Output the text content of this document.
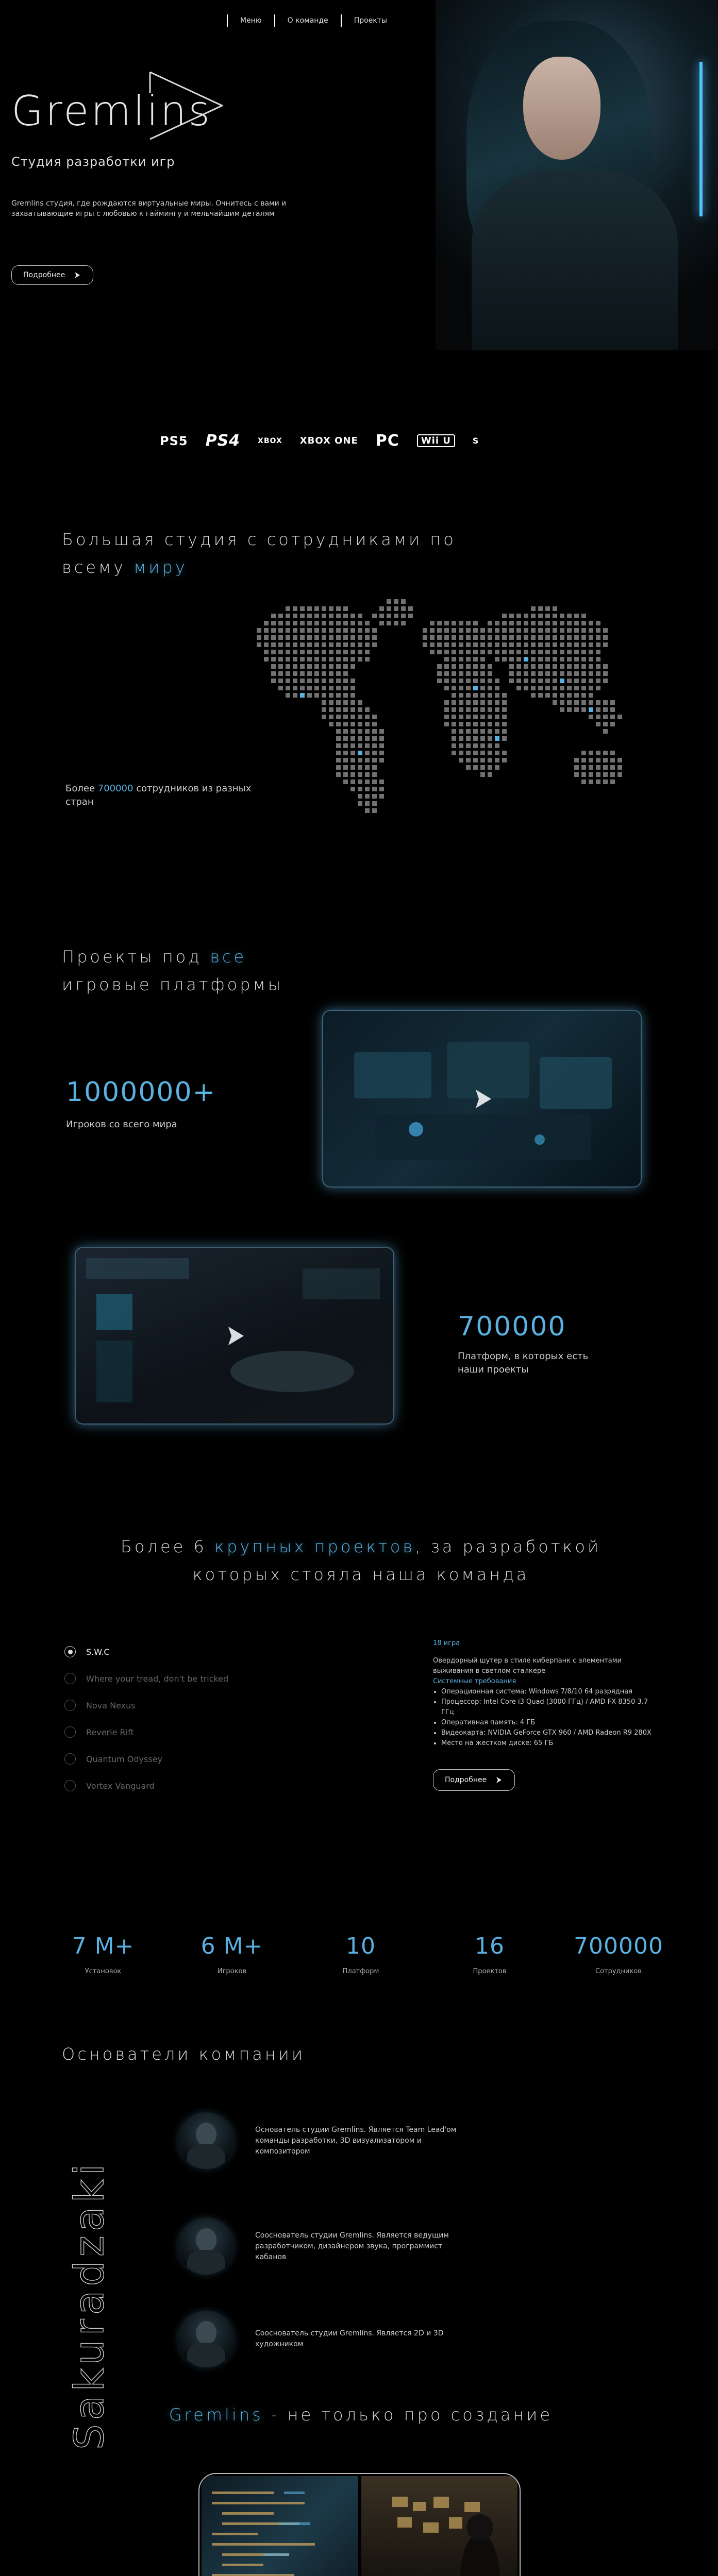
Меню	О команде	Проекты
Gremlins
Студия разработки игр
Gremlins студия, где рождаются виртуальные миры. Очнитесь с вами и захватывающие игры с любовью к гаймингу и мельчайшим деталям
Подробнее
PS5 PS4 XBOX XBOX ONE PC	Wii U	S
Большая студия с сотрудниками по
всему миру
Более 700000 сотрудников из разных стран
Проекты под все
игровые платформы
1000000+
Игроков со всего мира
700000
Платформ, в которых есть наши проекты
Более 6 крупных проектов, за разработкой которых стояла наша команда
S.W.C
Where your tread, don't be tricked
Nova Nexus
Reverie Rift
Quantum Odyssey
Vortex Vanguard
18 игра
Овердорный шутер в стиле киберпанк с элементами выживания в светлом сталкере
Системные требования
• Операционная система: Windows 7/8/10 64 разрядная
• Процессор: Intel Core i3 Quad (3000 ГГц) / AMD FX 8350 3.7 ГГц
• Оперативная память: 4 ГБ
• Видеокарта: NVIDIA GeForce GTX 960 / AMD Radeon R9 280X
• Место на жестком диске: 65 ГБ
Подробнее
7 M+
Установок
6 M+
Игроков
10
Платформ
16
Проектов
700000
Сотрудников
Основатели компании
Sakuradzaki

Основатель студии Gremlins. Является Team Lead'ом команды разработки, 3D визуализатором и композитором

Сооснователь студии Gremlins. Является ведущим разработчиком, дизайнером звука, программист кабанов

Сооснователь студии Gremlins. Является 2D и 3D художником

Gremlins - не только про создание
